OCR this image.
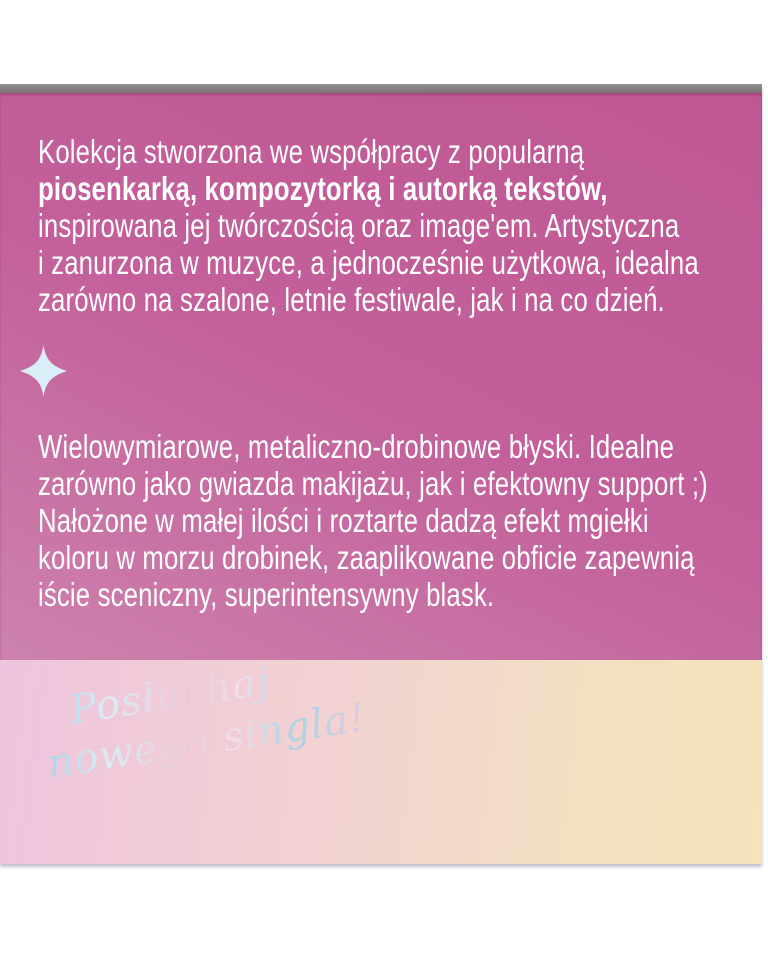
Kolekcja stworzona we współpracy z popularną
piosenkarką, kompozytorką i autorką tekstów,
inspirowana jej twórczością oraz image'em. Artystyczna
i zanurzona w muzyce, a jednocześnie użytkowa, idealna
zarówno na szalone, letnie festiwale, jak i na co dzień.

Wielowymiarowe, metaliczno-drobinowe błyski. Idealne
zarówno jako gwiazda makijażu, jak i efektowny support ;)
Nałożone w małej ilości i roztarte dadzą efekt mgiełki
koloru w morzu drobinek, zaaplikowane obficie zapewnią
iście sceniczny, superintensywny blask.

Posłuchaj
nowego singla!
